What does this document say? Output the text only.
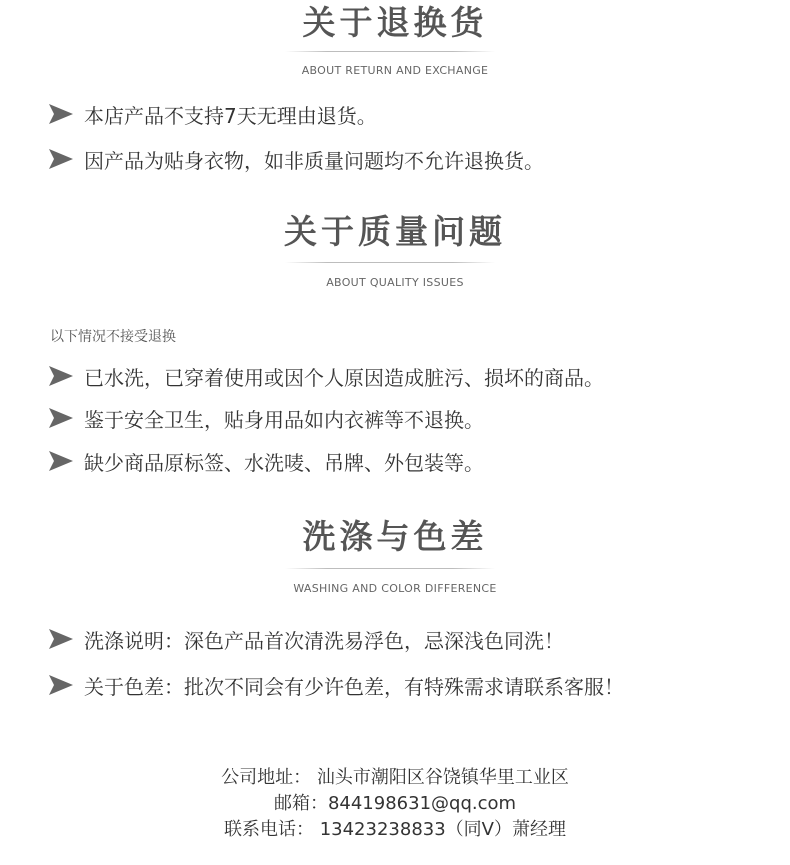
关于退换货
ABOUT RETURN AND EXCHANGE
本店产品不支持7天无理由退货。
因产品为贴身衣物，如非质量问题均不允许退换货。
关于质量问题
ABOUT QUALITY ISSUES
以下情况不接受退换
已水洗，已穿着使用或因个人原因造成脏污、损坏的商品。
鉴于安全卫生，贴身用品如内衣裤等不退换。
缺少商品原标签、水洗唛、吊牌、外包装等。
洗涤与色差
WASHING AND COLOR DIFFERENCE
洗涤说明：深色产品首次清洗易浮色，忌深浅色同洗！
关于色差：批次不同会有少许色差，有特殊需求请联系客服！
公司地址： 汕头市潮阳区谷饶镇华里工业区
邮箱：844198631@qq.com
联系电话： 13423238833（同V）萧经理
